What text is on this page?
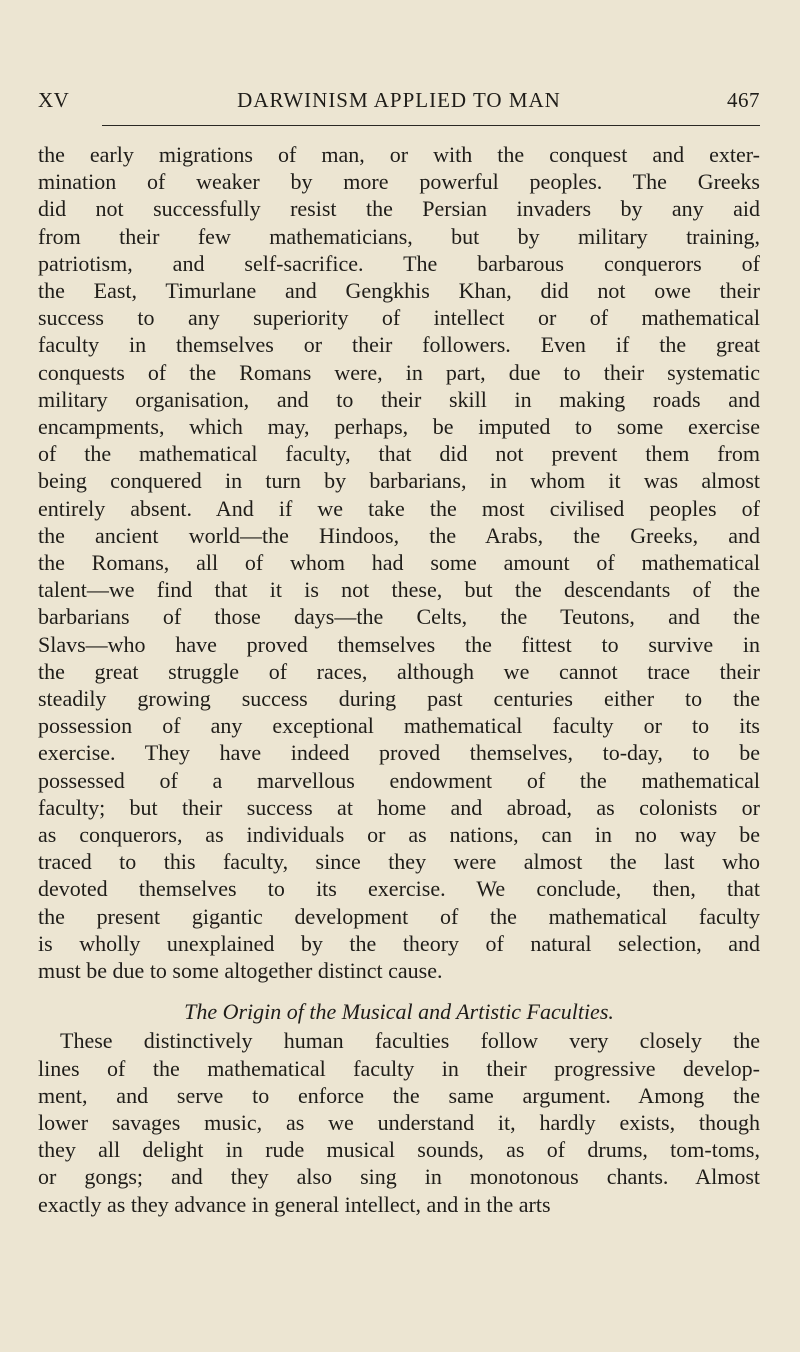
XV	DARWINISM APPLIED TO MAN	467
the early migrations of man, or with the conquest and exter-
mination of weaker by more powerful peoples. The Greeks
did not successfully resist the Persian invaders by any aid
from their few mathematicians, but by military training,
patriotism, and self-sacrifice. The barbarous conquerors of
the East, Timurlane and Gengkhis Khan, did not owe their
success to any superiority of intellect or of mathematical
faculty in themselves or their followers. Even if the great
conquests of the Romans were, in part, due to their systematic
military organisation, and to their skill in making roads and
encampments, which may, perhaps, be imputed to some exercise
of the mathematical faculty, that did not prevent them from
being conquered in turn by barbarians, in whom it was almost
entirely absent. And if we take the most civilised peoples of
the ancient world—the Hindoos, the Arabs, the Greeks, and
the Romans, all of whom had some amount of mathematical
talent—we find that it is not these, but the descendants of the
barbarians of those days—the Celts, the Teutons, and the
Slavs—who have proved themselves the fittest to survive in
the great struggle of races, although we cannot trace their
steadily growing success during past centuries either to the
possession of any exceptional mathematical faculty or to its
exercise. They have indeed proved themselves, to-day, to be
possessed of a marvellous endowment of the mathematical
faculty; but their success at home and abroad, as colonists or
as conquerors, as individuals or as nations, can in no way be
traced to this faculty, since they were almost the last who
devoted themselves to its exercise. We conclude, then, that
the present gigantic development of the mathematical faculty
is wholly unexplained by the theory of natural selection, and
must be due to some altogether distinct cause.
The Origin of the Musical and Artistic Faculties.
These distinctively human faculties follow very closely the
lines of the mathematical faculty in their progressive develop-
ment, and serve to enforce the same argument. Among the
lower savages music, as we understand it, hardly exists, though
they all delight in rude musical sounds, as of drums, tom-toms,
or gongs; and they also sing in monotonous chants. Almost
exactly as they advance in general intellect, and in the arts
